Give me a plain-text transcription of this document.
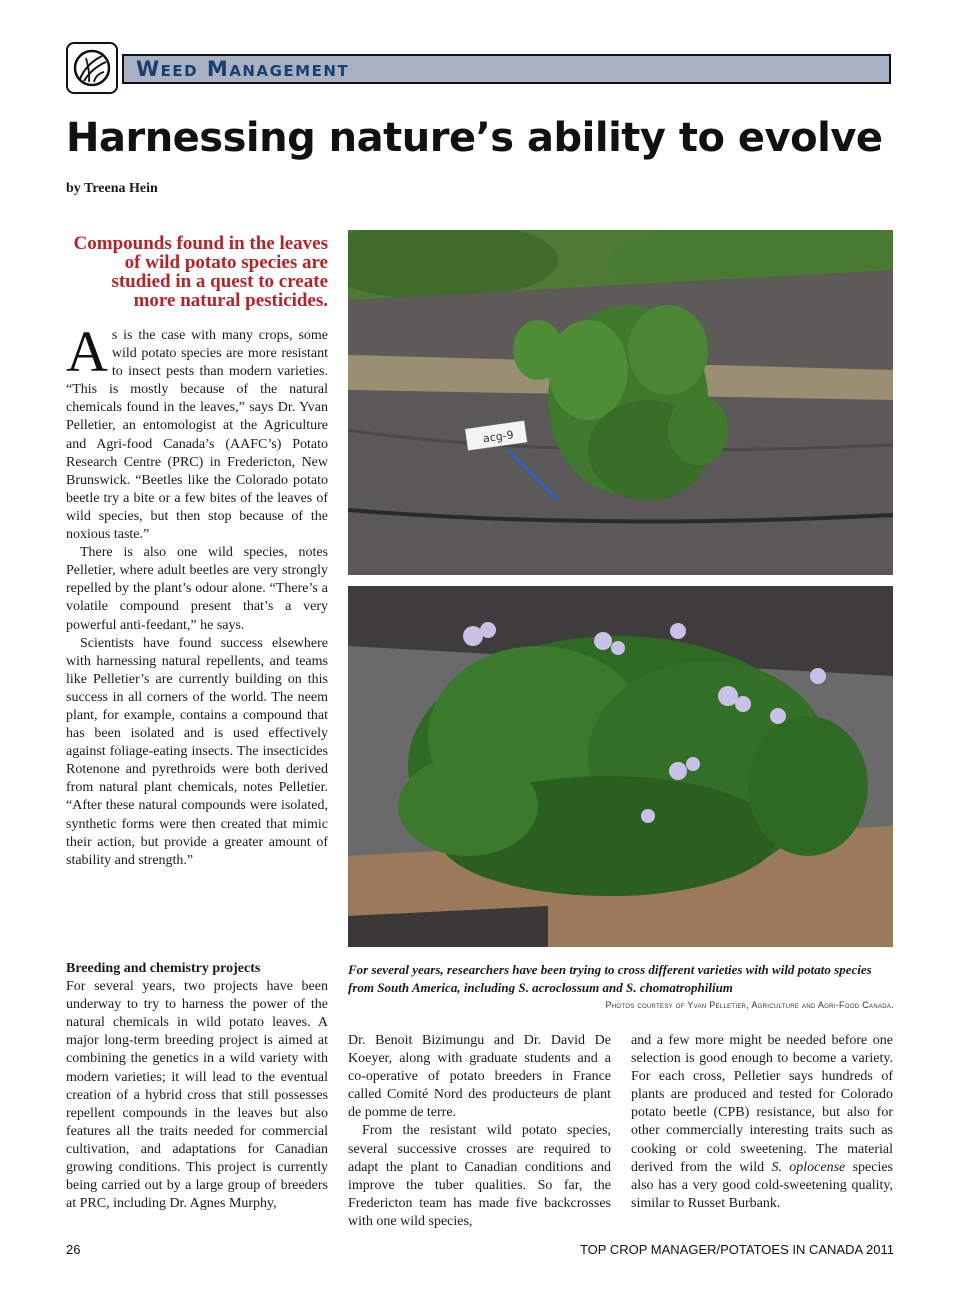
Weed Management
Harnessing nature’s ability to evolve
by Treena Hein
Compounds found in the leaves of wild potato species are studied in a quest to create more natural pesticides.
A s is the case with many crops, some wild potato species are more resistant to insect pests than modern varieties. “This is mostly because of the natural chemicals found in the leaves,” says Dr. Yvan Pelletier, an entomologist at the Agriculture and Agri-food Canada’s (AAFC’s) Potato Research Centre (PRC) in Fredericton, New Brunswick. “Beetles like the Colorado potato beetle try a bite or a few bites of the leaves of wild species, but then stop because of the noxious taste.”

There is also one wild species, notes Pelletier, where adult beetles are very strongly repelled by the plant’s odour alone. “There’s a volatile compound present that’s a very powerful anti-feedant,” he says.

Scientists have found success elsewhere with harnessing natural repellents, and teams like Pelletier’s are currently building on this success in all corners of the world. The neem plant, for example, contains a compound that has been isolated and is used effectively against foliage-eating insects. The insecticides Rotenone and pyrethroids were both derived from natural plant chemicals, notes Pelletier. “After these natural compounds were isolated, synthetic forms were then created that mimic their action, but provide a greater amount of stability and strength.”

Breeding and chemistry projects

For several years, two projects have been underway to try to harness the power of the natural chemicals in wild potato leaves. A major long-term breeding project is aimed at combining the genetics in a wild variety with modern varieties; it will lead to the eventual creation of a hybrid cross that still possesses repellent compounds in the leaves but also features all the traits needed for commercial cultivation, and adaptations for Canadian growing conditions. This project is currently being carried out by a large group of breeders at PRC, including Dr. Agnes Murphy,

acg-9
For several years, researchers have been trying to cross different varieties with wild potato species from South America, including S. acroclossum and S. chomatrophilium
Photos courtesy of Yvan Pelletier, Agriculture and Agri-Food Canada.

Dr. Benoit Bizimungu and Dr. David De Koeyer, along with graduate students and a co-operative of potato breeders in France called Comité Nord des producteurs de plant de pomme de terre.

From the resistant wild potato species, several successive crosses are required to adapt the plant to Canadian conditions and improve the tuber qualities. So far, the Fredericton team has made five backcrosses with one wild species,

and a few more might be needed before one selection is good enough to become a variety. For each cross, Pelletier says hundreds of plants are produced and tested for Colorado potato beetle (CPB) resistance, but also for other commercially interesting traits such as cooking or cold sweetening. The material derived from the wild S. oplocense species also has a very good cold-sweetening quality, similar to Russet Burbank.

26	TOP CROP MANAGER/POTATOES IN CANADA 2011
